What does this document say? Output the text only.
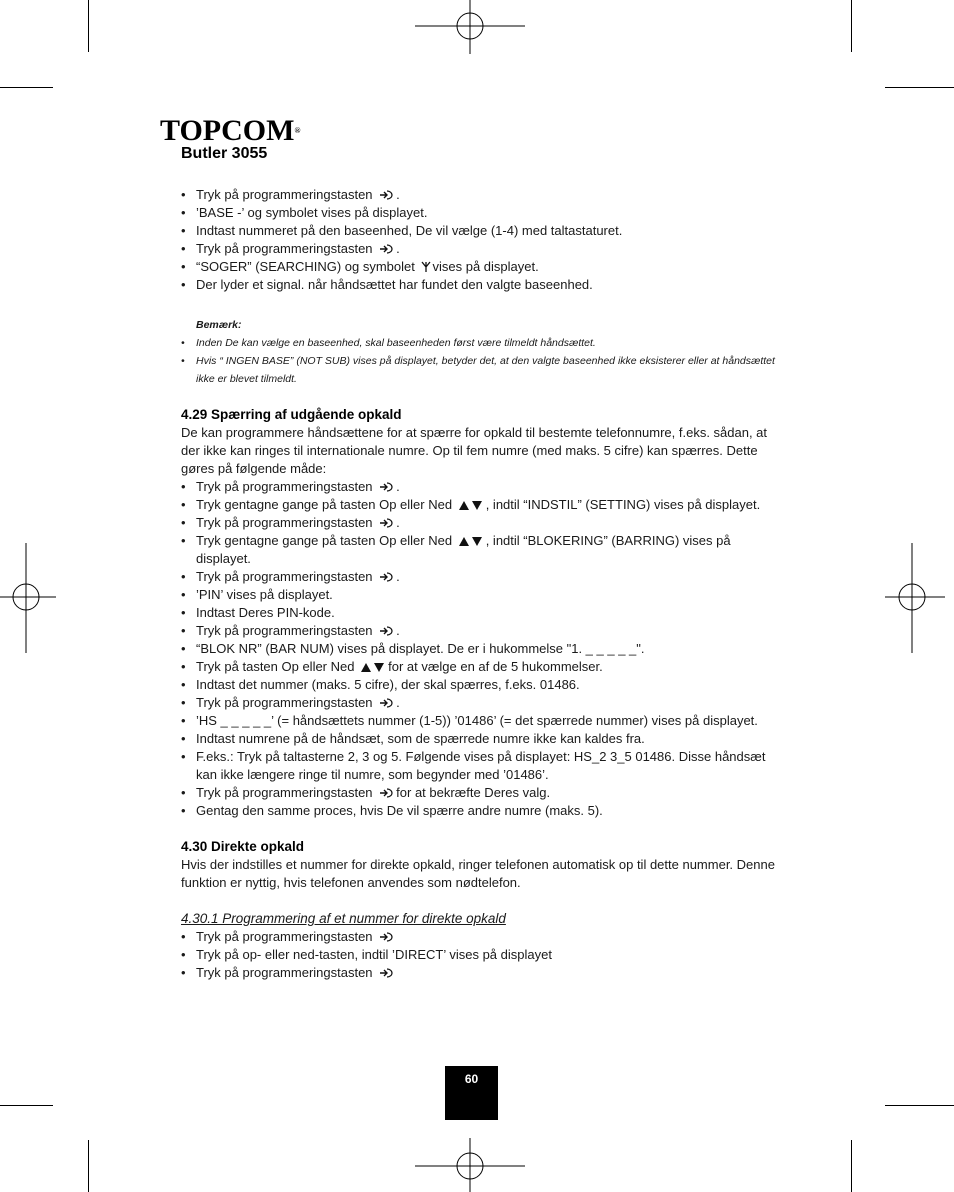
TOPCOM®
Butler 3055
• Tryk på programmeringstasten .
• ’BASE -’ og symbolet vises på displayet.
• Indtast nummeret på den baseenhed, De vil vælge (1-4) med taltastaturet.
• Tryk på programmeringstasten .
• “SOGER” (SEARCHING) og symbolet vises på displayet.
• Der lyder et signal. når håndsættet har fundet den valgte baseenhed.
Bemærk:
• Inden De kan vælge en baseenhed, skal baseenheden først være tilmeldt håndsættet.
• Hvis “ INGEN BASE” (NOT SUB) vises på displayet, betyder det, at den valgte baseenhed ikke eksisterer eller at håndsættet ikke er blevet tilmeldt.
4.29 Spærring af udgående opkald

De kan programmere håndsættene for at spærre for opkald til bestemte telefonnumre, f.eks. sådan, at der ikke kan ringes til internationale numre. Op til fem numre (med maks. 5 cifre) kan spærres. Dette gøres på følgende måde:

• Tryk på programmeringstasten .
• Tryk gentagne gange på tasten Op eller Ned	, indtil “INDSTIL” (SETTING) vises på displayet.
• Tryk på programmeringstasten .
• Tryk gentagne gange på tasten Op eller Ned	, indtil “BLOKERING” (BARRING) vises på displayet.
• Tryk på programmeringstasten .
• ’PIN’ vises på displayet.
• Indtast Deres PIN-kode.
• Tryk på programmeringstasten .
• “BLOK NR” (BAR NUM) vises på displayet. De er i hukommelse "1. _ _ _ _ _".
• Tryk på tasten Op eller Ned	for at vælge en af de 5 hukommelser.
• Indtast det nummer (maks. 5 cifre), der skal spærres, f.eks. 01486.
• Tryk på programmeringstasten .
• ’HS _ _ _ _ _’ (= håndsættets nummer (1-5)) ’01486’ (= det spærrede nummer) vises på displayet.
• Indtast numrene på de håndsæt, som de spærrede numre ikke kan kaldes fra.
• F.eks.: Tryk på taltasterne 2, 3 og 5. Følgende vises på displayet: HS_2 3_5 01486. Disse håndsæt kan ikke længere ringe til numre, som begynder med ’01486’.
• Tryk på programmeringstasten for at bekræfte Deres valg.
• Gentag den samme proces, hvis De vil spærre andre numre (maks. 5).
4.30 Direkte opkald

Hvis der indstilles et nummer for direkte opkald, ringer telefonen automatisk op til dette nummer. Denne funktion er nyttig, hvis telefonen anvendes som nødtelefon.

4.30.1 Programmering af et nummer for direkte opkald
• Tryk på programmeringstasten
• Tryk på op- eller ned-tasten, indtil ’DIRECT’ vises på displayet
• Tryk på programmeringstasten
60
